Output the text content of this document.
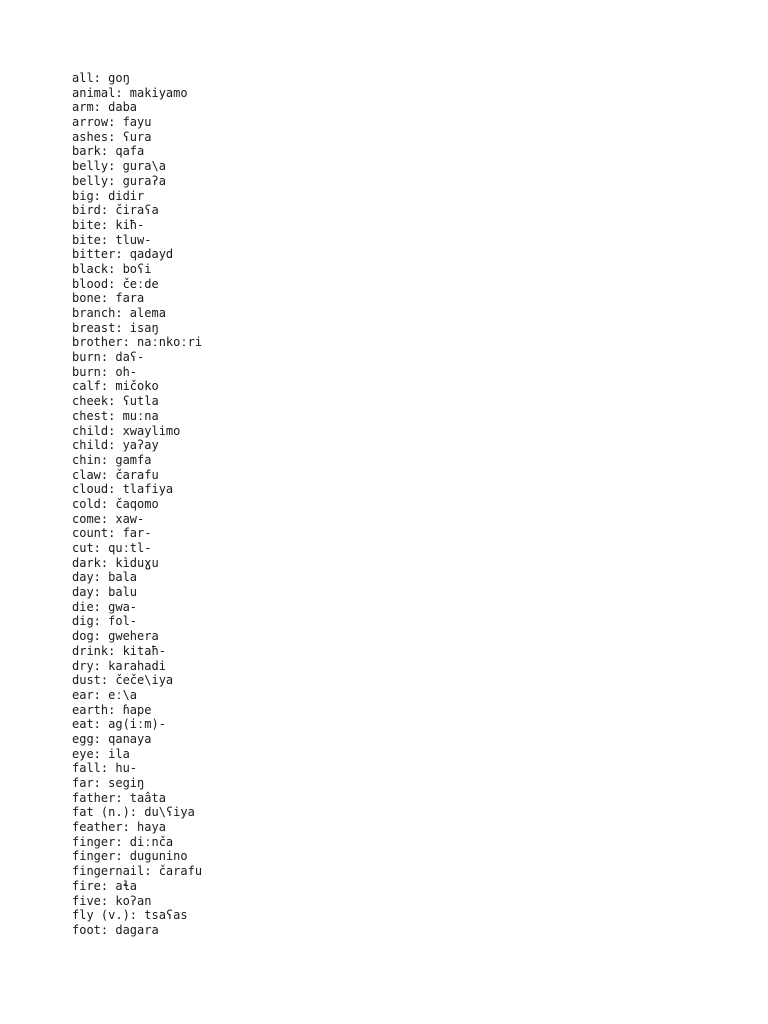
all: goŋ
animal: makiyamo
arm: daba
arrow: fayu
ashes: ʕura
bark: qafa
belly: gura\a
belly: guraʔa
big: didir
bird: čiraʕa
bite: kiħ-
bite: tluw-
bitter: qadayd
black: boʕi
blood: čeːde
bone: fara
branch: alema
breast: isaŋ
brother: naːnkoːri
burn: daʕ-
burn: oh-
calf: mičoko
cheek: ʕutla
chest: muːna
child: xwaylimo
child: yaʔay
chin: gamfa
claw: čarafu
cloud: tlafiya
cold: čaqomo
come: xaw-
count: far-
cut: quːtl-
dark: kìduɣu
day: bala
day: balu
die: gwa-
dig: fol-
dog: gwehera
drink: kitaħ-
dry: karahadi
dust: čeče\iya
ear: eː\a
earth: ɦape
eat: ag(iːm)-
egg: qanaya
eye: ila
fall: hu-
far: segiŋ
father: taâta
fat (n.): du\ʕiya
feather: haya
finger: diːnča
finger: dugunino
fingernail: čarafu
fire: aɬa
five: koʔan
fly (v.): tsaʕas
foot: dagara
